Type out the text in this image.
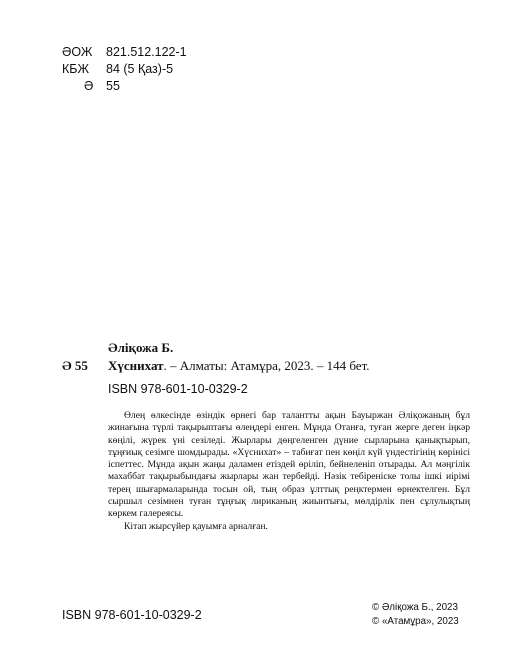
ӘОЖ	821.512.122-1
КБЖ	84 (5 Қаз)-5
Ә	55
Әліқожа Б.
Ә 55 Хүснихат. – Алматы: Атамұра, 2023. – 144 бет.
ISBN 978-601-10-0329-2

Өлең өлкесінде өзіндік өрнегі бар талантты ақын Бауыржан Әліқожаның бұл жинағына түрлі тақырыптағы өлеңдері енген. Мұнда Отанға, туған жерге деген іңкәр көңілі, жүрек үні сезіледі. Жырлары дөңгеленген дүние сырларына қанықтырып, тұңғиық сезімге шомдырады. «Хүснихат» – табиғат пен көңіл күй үндестігінің көрінісі іспеттес. Мұнда ақын жаңы даламен етіздей өріліп, бейнеленіп отырады. Ал мәңгілік махаббат тақырыбындағы жырлары жан тербейді. Нәзік тебіреніске толы ішкі иірімі терең шығармаларында тосын ой, тың образ ұлттық реңктермен өрнектелген. Бұл сыршыл сезімнен туған тұңғық лириканың жиынтығы, мөлдірлік пен сұлулықтың көркем галереясы.

Кітап жырсүйер қауымға арналған.

ISBN 978-601-10-0329-2
© Әліқожа Б., 2023
© «Атамұра», 2023
